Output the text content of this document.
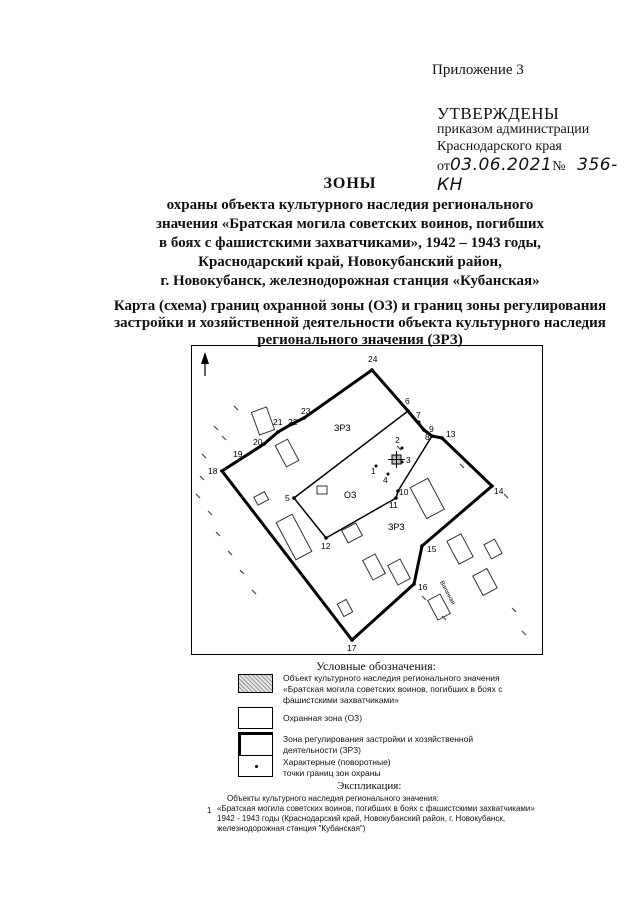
Приложение 3
УТВЕРЖДЕНЫ
приказом администрации
Краснодарского края
от03.06.2021№ 356-КН
ЗОНЫ
охраны объекта культурного наследия регионального
значения «Братская могила советских воинов, погибших
в боях с фашистскими захватчиками», 1942 – 1943 годы,
Краснодарский край, Новокубанский район,
г. Новокубанск, железнодорожная станция «Кубанская»
Карта (схема) границ охранной зоны (ОЗ) и границ зоны регулирования
застройки и хозяйственной деятельности объекта культурного наследия
регионального значения (ЗРЗ)
1
2
3
4
5
6
7
8
9
10
11
12
13
14
15
16
17
18
19
20
21 22
23
24
ЗРЗ
ОЗ
ЗРЗ
Вагонная
Условные обозначения:
Объект культурного наследия регионального значения
«Братская могила советских воинов, погибших в боях с
фашистскими захватчиками»
Охранная зона (ОЗ)
Зона регулирования застройки и хозяйственной
деятельности (ЗРЗ)
Характерные (поворотные)
точки границ зон охраны
Экспликация:
Объекты культурного наследия регионального значения:
1 «Братская могила советских воинов, погибших в боях с фашистскими захватчиками»
1942 - 1943 годы (Краснодарский край, Новокубанский район, г. Новокубанск,
железнодорожная станция "Кубанская")
